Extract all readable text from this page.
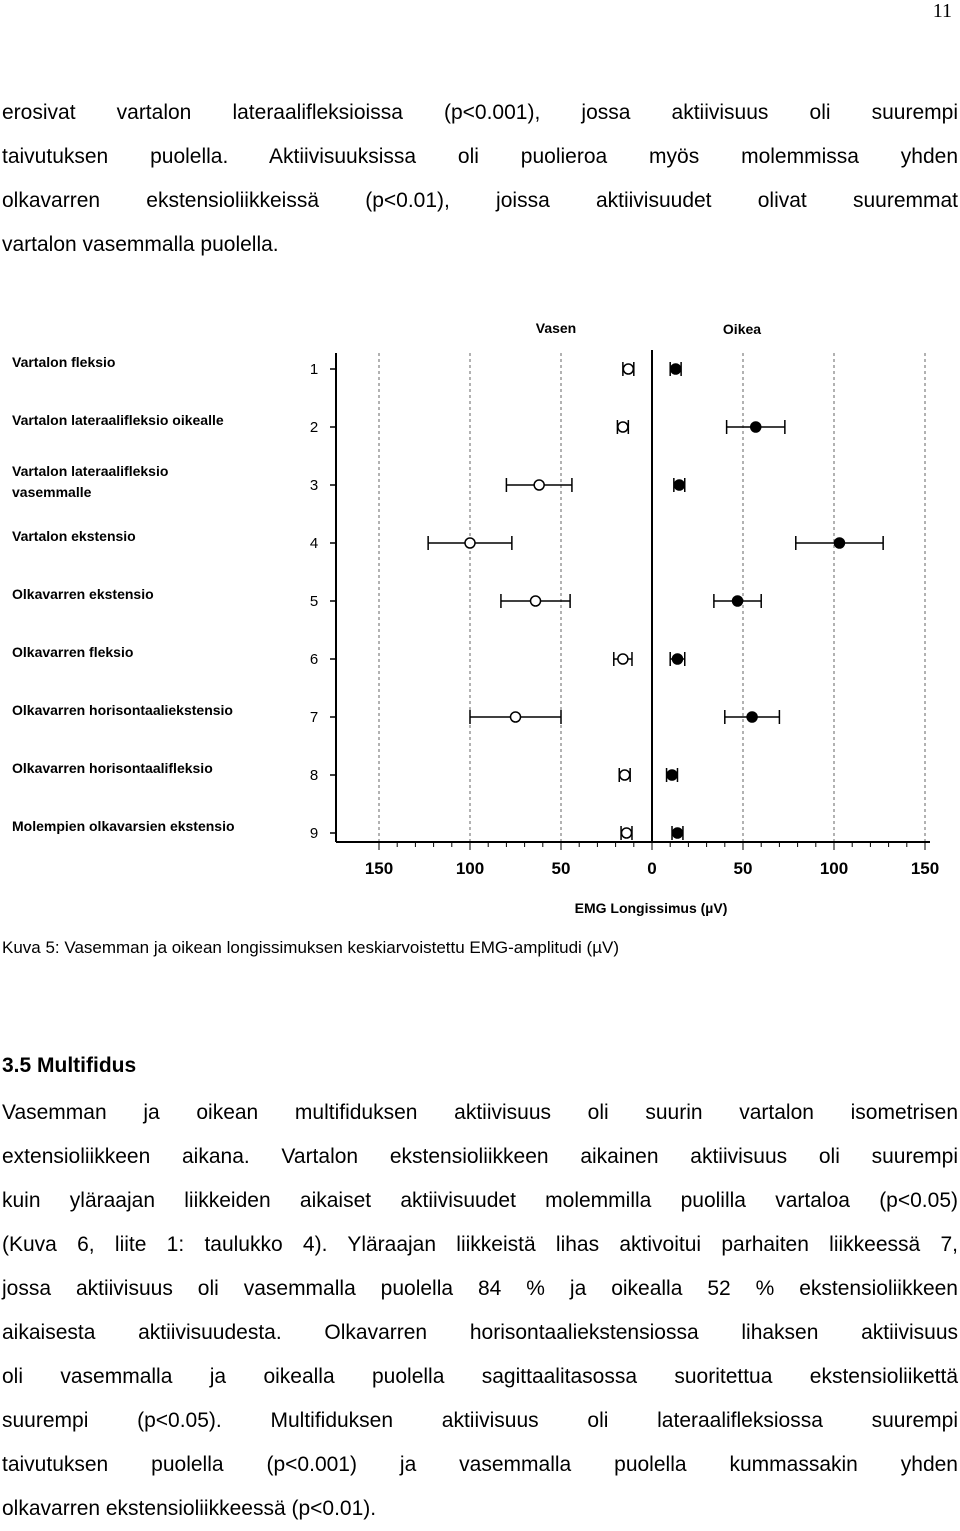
11
erosivat vartalon lateraalifleksioissa (p<0.001), jossa aktiivisuus oli suurempi
taivutuksen puolella. Aktiivisuuksissa oli puolieroa myös molemmissa yhden
olkavarren ekstensioliikkeissä (p<0.01), joissa aktiivisuudet olivat suuremmat
vartalon vasemmalla puolella.
Vasen	Oikea
150	100	50	0	50	100	150
EMG Longissimus (µV)
1
Vartalon fleksio
2
Vartalon lateraalifleksio oikealle
3
Vartalon lateraalifleksio
vasemmalle
4
Vartalon ekstensio
5
Olkavarren ekstensio
6
Olkavarren fleksio
7
Olkavarren horisontaaliekstensio
8
Olkavarren horisontaalifleksio
9
Molempien olkavarsien ekstensio
Kuva 5: Vasemman ja oikean longissimuksen keskiarvoistettu EMG-amplitudi (µV)
3.5 Multifidus
Vasemman ja oikean multifiduksen aktiivisuus oli suurin vartalon isometrisen
extensioliikkeen aikana. Vartalon ekstensioliikkeen aikainen aktiivisuus oli suurempi
kuin yläraajan liikkeiden aikaiset aktiivisuudet molemmilla puolilla vartaloa (p<0.05)
(Kuva 6, liite 1: taulukko 4). Yläraajan liikkeistä lihas aktivoitui parhaiten liikkeessä 7,
jossa aktiivisuus oli vasemmalla puolella 84 % ja oikealla 52 % ekstensioliikkeen
aikaisesta aktiivisuudesta. Olkavarren horisontaaliekstensiossa lihaksen aktiivisuus
oli vasemmalla ja oikealla puolella sagittaalitasossa suoritettua ekstensioliikettä
suurempi (p<0.05). Multifiduksen aktiivisuus oli lateraalifleksiossa suurempi
taivutuksen puolella (p<0.001) ja vasemmalla puolella kummassakin yhden
olkavarren ekstensioliikkeessä (p<0.01).
